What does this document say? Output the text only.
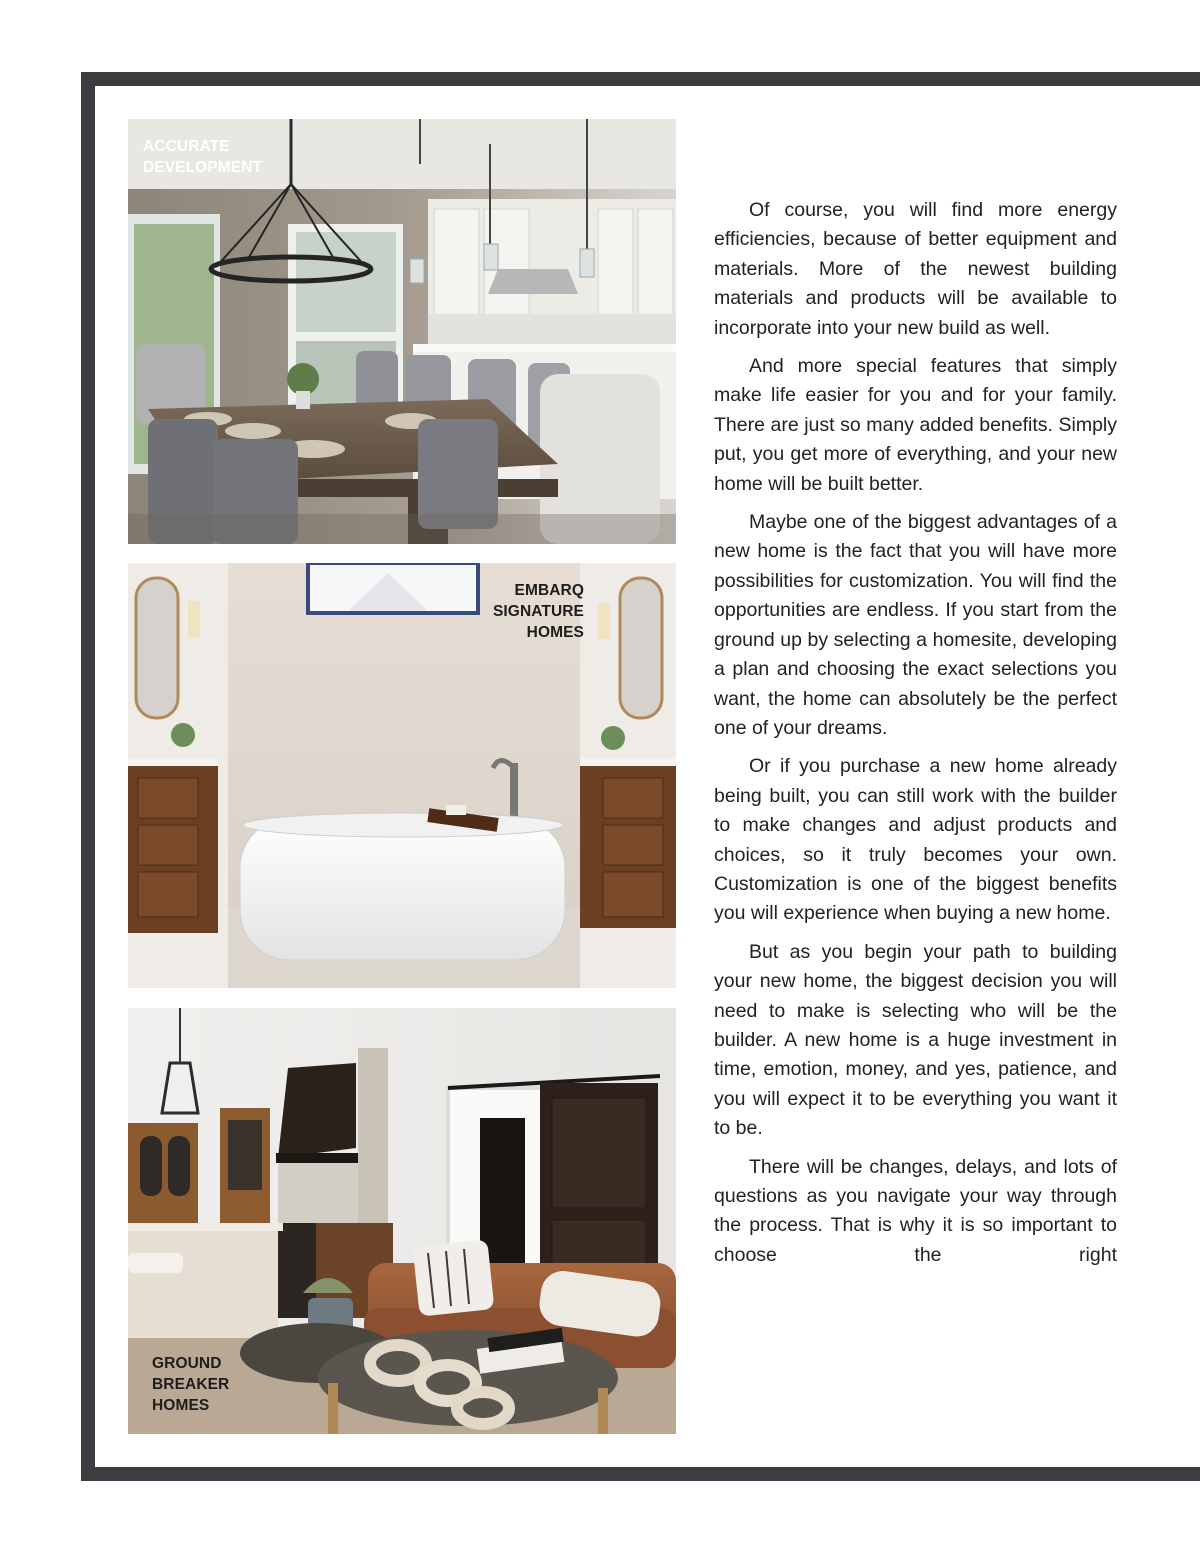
ACCURATE
DEVELOPMENT
EMBARQ
SIGNATURE
HOMES
GROUND
BREAKER
HOMES

Of course, you will find more energy efficiencies, because of better equipment and materials. More of the newest building materials and products will be available to incorporate into your new build as well.

And more special features that simply make life easier for you and for your family. There are just so many added benefits. Simply put, you get more of everything, and your new home will be built better.

Maybe one of the biggest advantages of a new home is the fact that you will have more possibilities for customization. You will find the opportunities are endless. If you start from the ground up by selecting a homesite, developing a plan and choosing the exact selections you want, the home can absolutely be the perfect one of your dreams.

Or if you purchase a new home already being built, you can still work with the builder to make changes and adjust products and choices, so it truly becomes your own. Customization is one of the biggest benefits you will experience when buying a new home.

But as you begin your path to building your new home, the biggest decision you will need to make is selecting who will be the builder. A new home is a huge investment in time, emotion, money, and yes, patience, and you will expect it to be everything you want it to be.

There will be changes, delays, and lots of questions as you navigate your way through the process. That is why it is so important to choose the right
